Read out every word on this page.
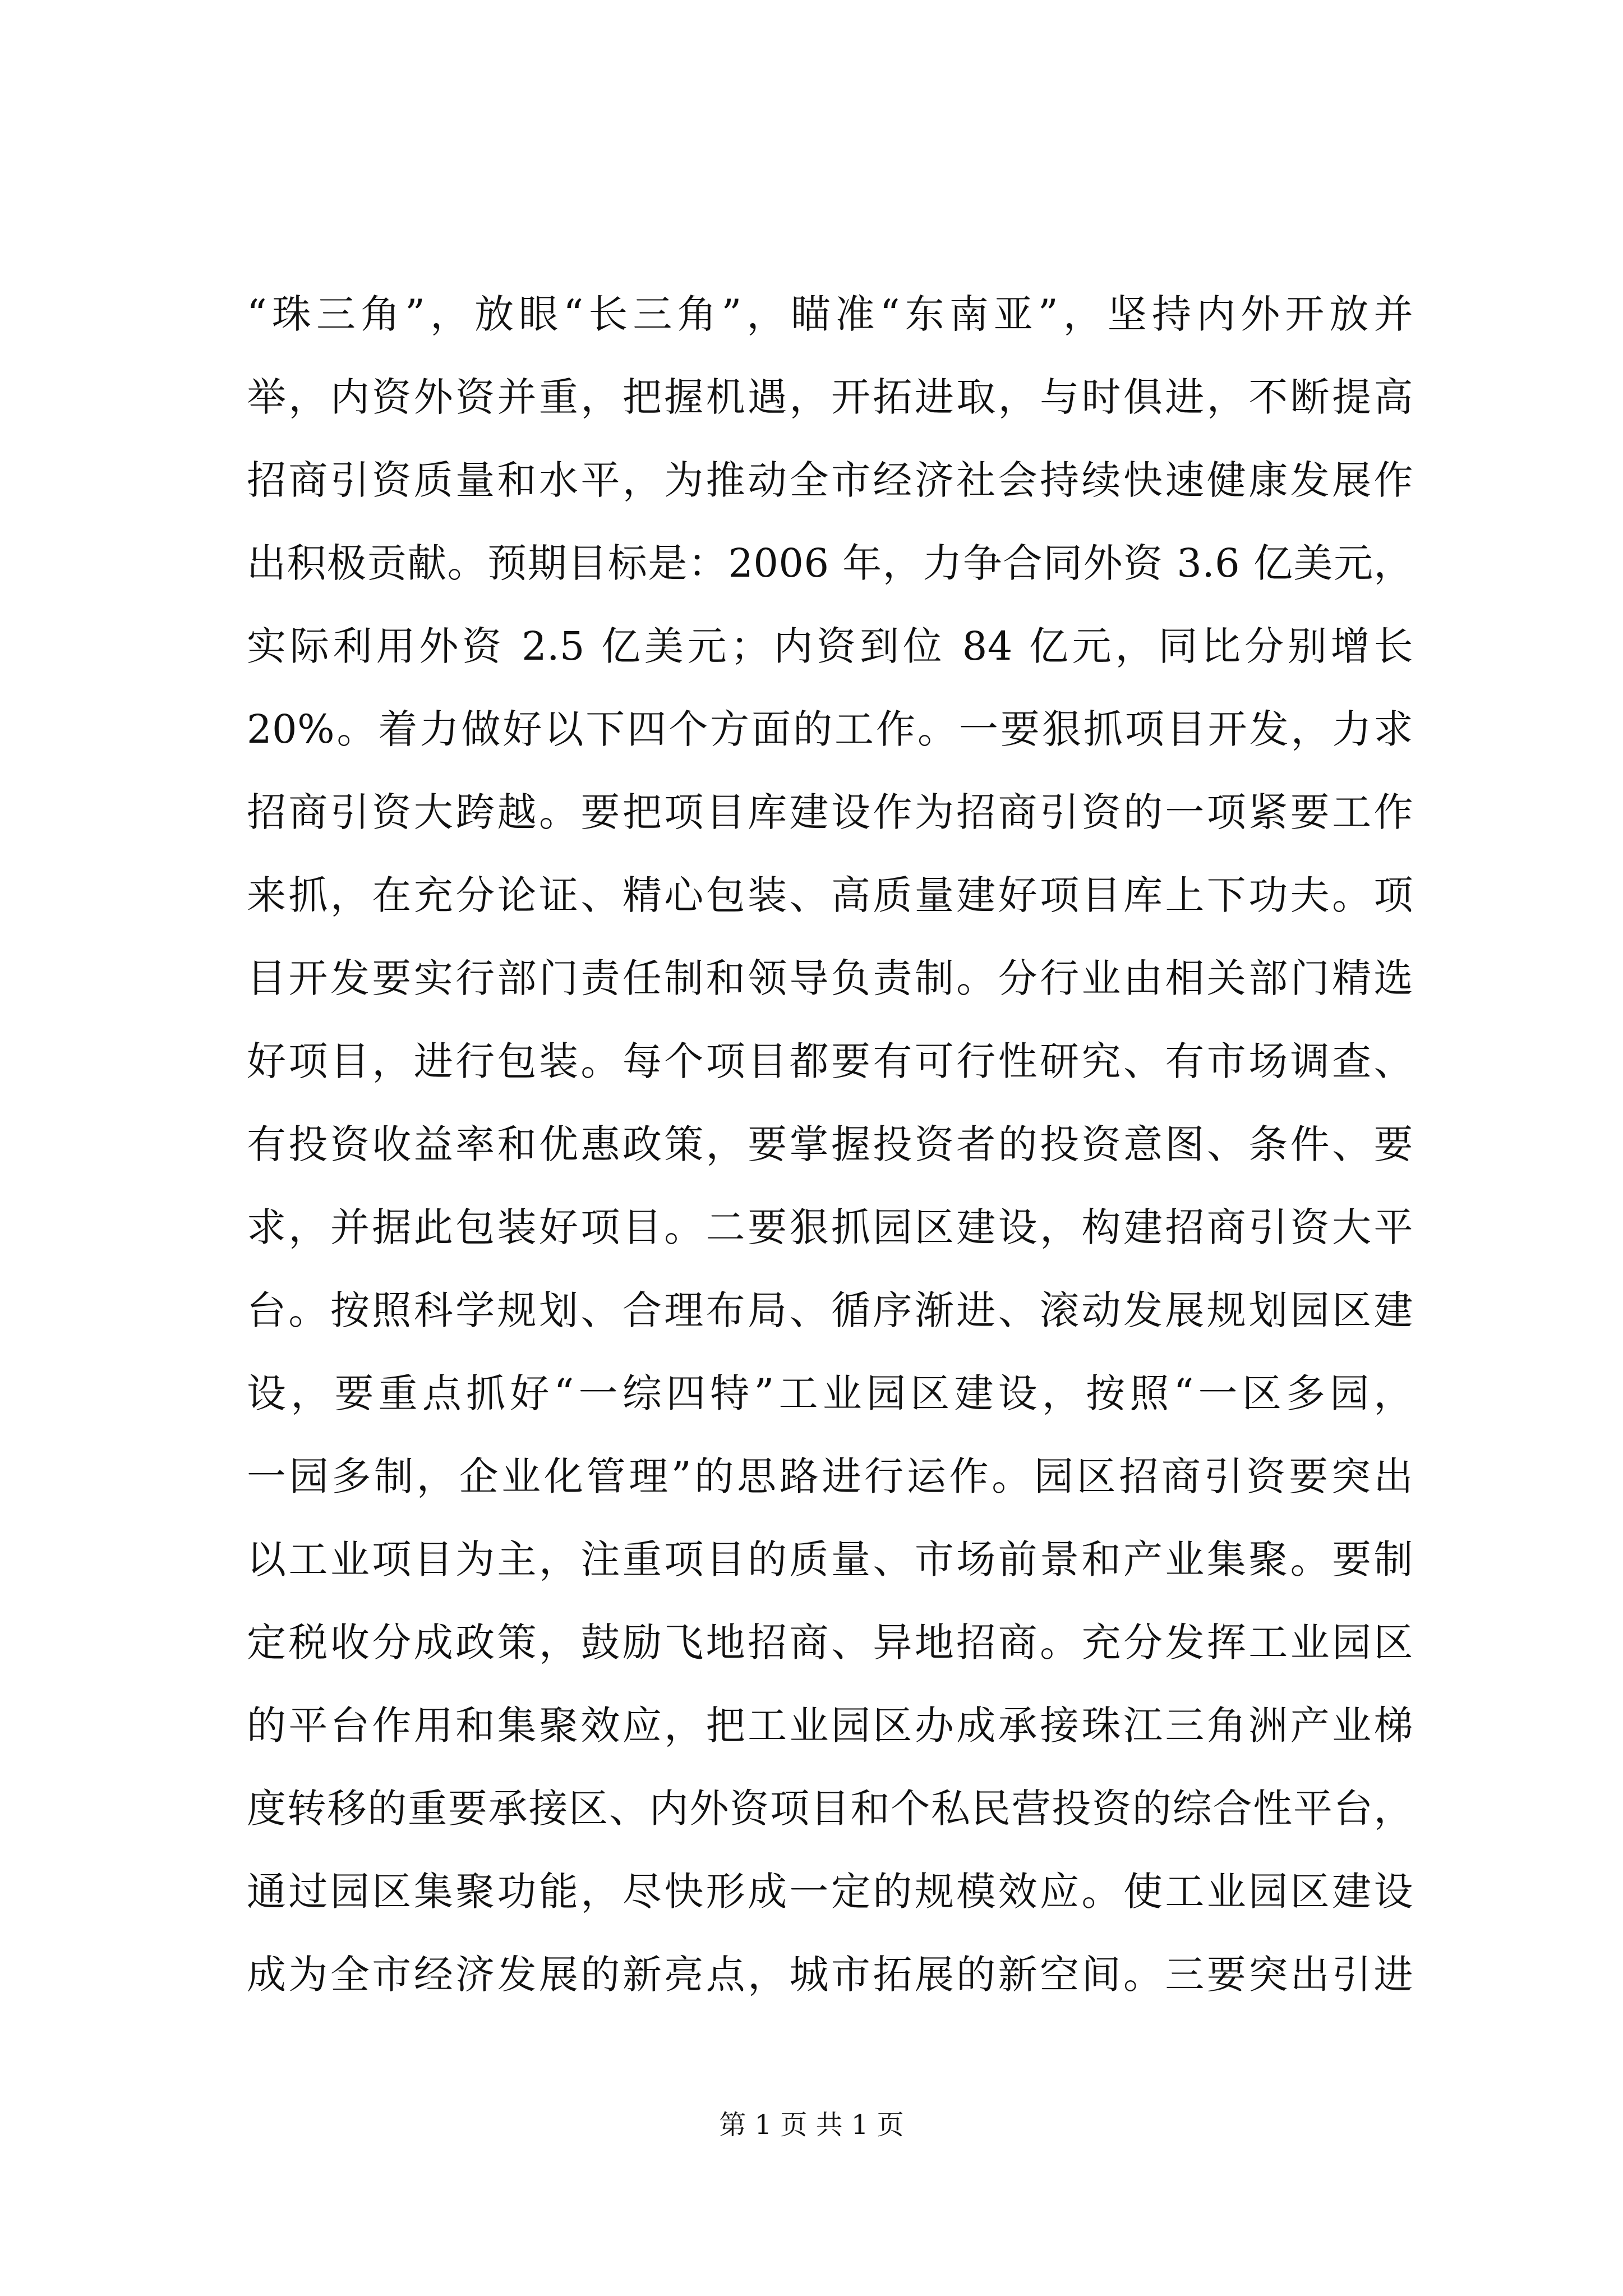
“珠三角”，放眼“长三角”，瞄准“东南亚”，坚持内外开放并
举，内资外资并重，把握机遇，开拓进取，与时俱进，不断提高
招商引资质量和水平，为推动全市经济社会持续快速健康发展作
出积极贡献。预期目标是：2006 年，力争合同外资 3.6 亿美元，
实际利用外资 2.5 亿美元；内资到位 84 亿元，同比分别增长
20%。着力做好以下四个方面的工作。一要狠抓项目开发，力求
招商引资大跨越。要把项目库建设作为招商引资的一项紧要工作
来抓，在充分论证、精心包装、高质量建好项目库上下功夫。项
目开发要实行部门责任制和领导负责制。分行业由相关部门精选
好项目，进行包装。每个项目都要有可行性研究、有市场调查、
有投资收益率和优惠政策，要掌握投资者的投资意图、条件、要
求，并据此包装好项目。二要狠抓园区建设，构建招商引资大平
台。按照科学规划、合理布局、循序渐进、滚动发展规划园区建
设，要重点抓好“一综四特”工业园区建设，按照“一区多园，
一园多制，企业化管理”的思路进行运作。园区招商引资要突出
以工业项目为主，注重项目的质量、市场前景和产业集聚。要制
定税收分成政策，鼓励飞地招商、异地招商。充分发挥工业园区
的平台作用和集聚效应，把工业园区办成承接珠江三角洲产业梯
度转移的重要承接区、内外资项目和个私民营投资的综合性平台，
通过园区集聚功能，尽快形成一定的规模效应。使工业园区建设
成为全市经济发展的新亮点，城市拓展的新空间。三要突出引进
第 1 页 共 1 页
